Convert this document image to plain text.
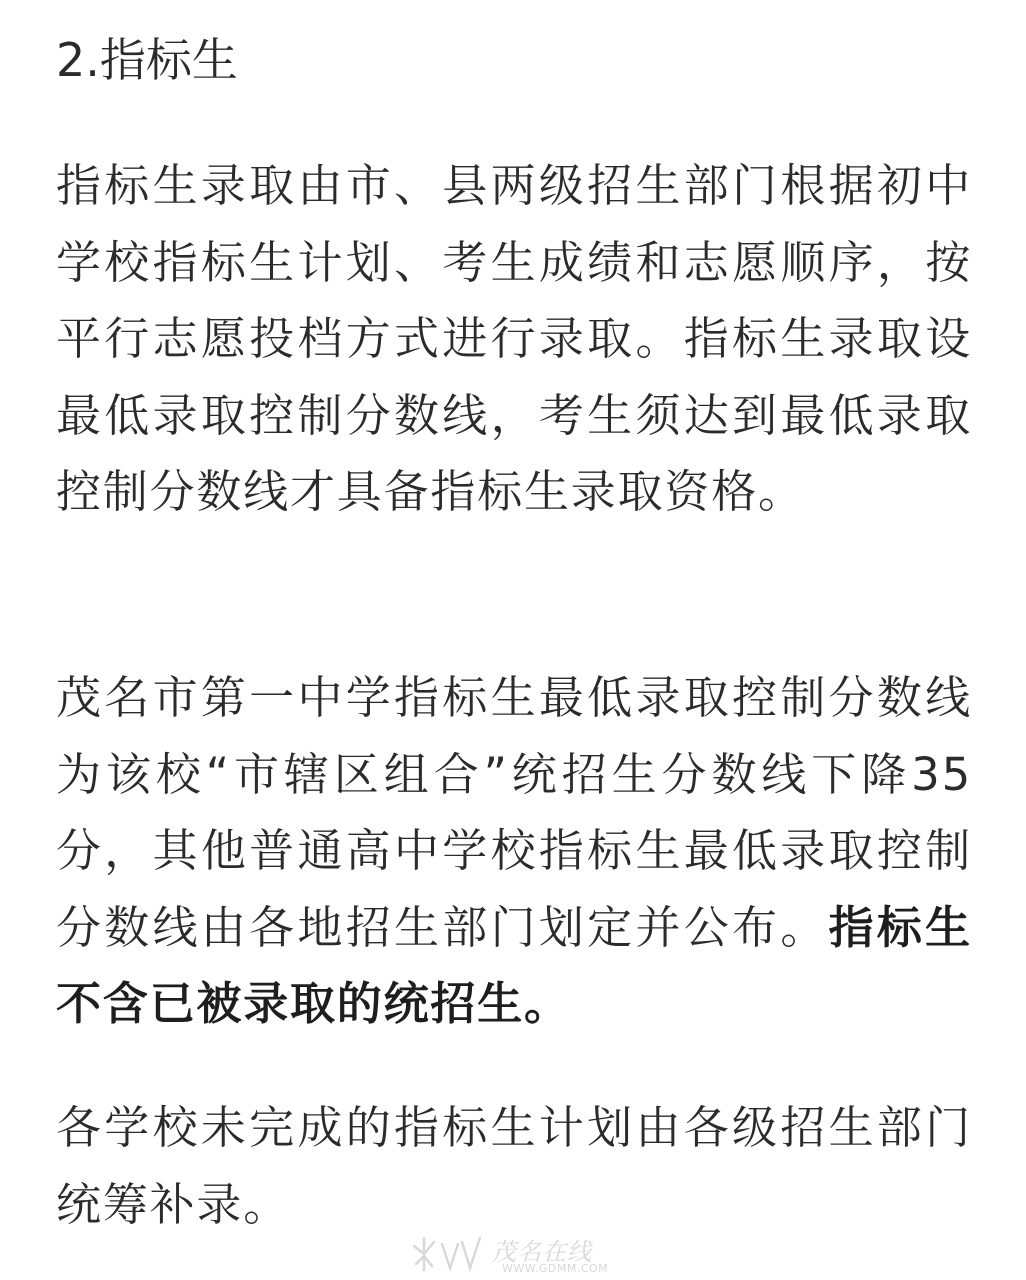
2.指标生

指标生录取由市、县两级招生部门根据初中学校指标生计划、考生成绩和志愿顺序，按平行志愿投档方式进行录取。指标生录取设最低录取控制分数线，考生须达到最低录取控制分数线才具备指标生录取资格。

茂名市第一中学指标生最低录取控制分数线为该校“市辖区组合”统招生分数线下降35分，其他普通高中学校指标生最低录取控制分数线由各地招生部门划定并公布。指标生不含已被录取的统招生。

各学校未完成的指标生计划由各级招生部门统筹补录。

茂名在线
WWW.GDMM.COM
